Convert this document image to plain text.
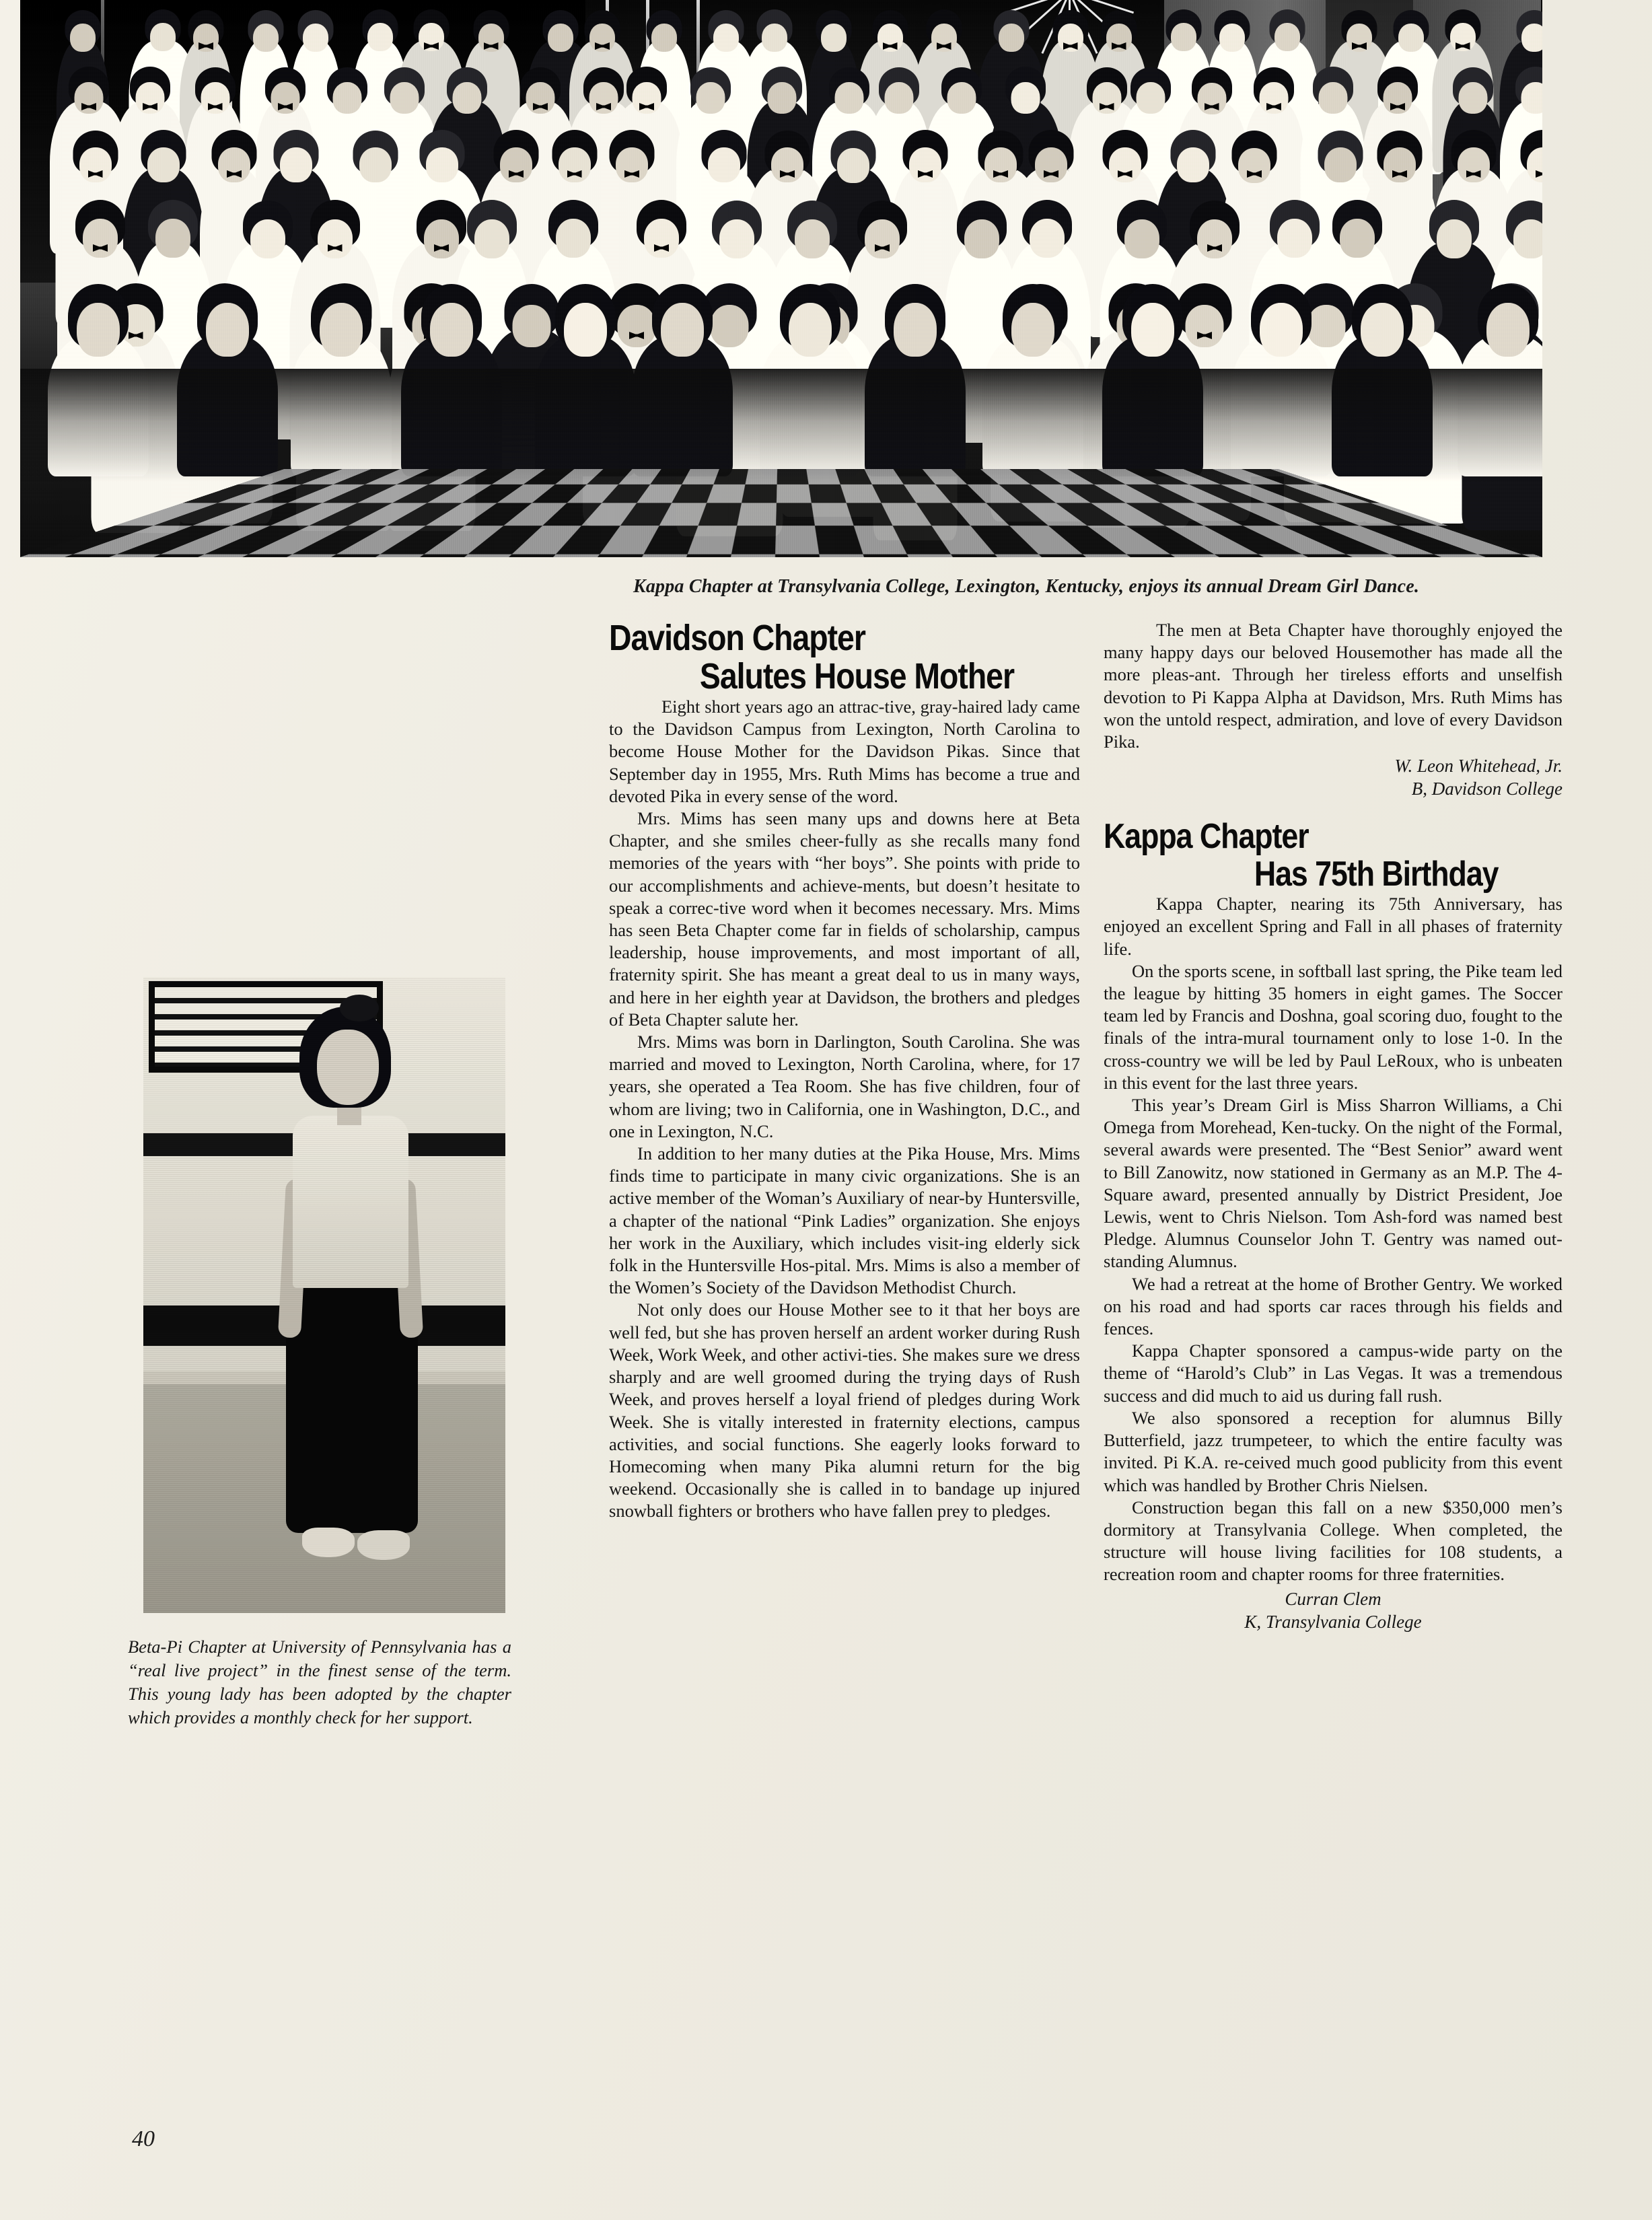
Kappa Chapter at Transylvania College, Lexington, Kentucky, enjoys its annual Dream Girl Dance.
Beta-Pi Chapter at University of Pennsylvania has a “real live project” in the finest sense of the term. This young lady has been adopted by the chapter which provides a monthly check for her support.
Davidson Chapter
Salutes House Mother

Eight short years ago an attrac-tive, gray-haired lady came to the Davidson Campus from Lexington, North Carolina to become House Mother for the Davidson Pikas. Since that September day in 1955, Mrs. Ruth Mims has become a true and devoted Pika in every sense of the word.

Mrs. Mims has seen many ups and downs here at Beta Chapter, and she smiles cheer-fully as she recalls many fond memories of the years with “her boys”. She points with pride to our accomplishments and achieve-ments, but doesn’t hesitate to speak a correc-tive word when it becomes necessary. Mrs. Mims has seen Beta Chapter come far in fields of scholarship, campus leadership, house improvements, and most important of all, fraternity spirit. She has meant a great deal to us in many ways, and here in her eighth year at Davidson, the brothers and pledges of Beta Chapter salute her.

Mrs. Mims was born in Darlington, South Carolina. She was married and moved to Lexington, North Carolina, where, for 17 years, she operated a Tea Room. She has five children, four of whom are living; two in California, one in Washington, D.C., and one in Lexington, N.C.

In addition to her many duties at the Pika House, Mrs. Mims finds time to participate in many civic organizations. She is an active member of the Woman’s Auxiliary of near-by Huntersville, a chapter of the national “Pink Ladies” organization. She enjoys her work in the Auxiliary, which includes visit-ing elderly sick folk in the Huntersville Hos-pital. Mrs. Mims is also a member of the Women’s Society of the Davidson Methodist Church.

Not only does our House Mother see to it that her boys are well fed, but she has proven herself an ardent worker during Rush Week, Work Week, and other activi-ties. She makes sure we dress sharply and are well groomed during the trying days of Rush Week, and proves herself a loyal friend of pledges during Work Week. She is vitally interested in fraternity elections, campus activities, and social functions. She eagerly looks forward to Homecoming when many Pika alumni return for the big weekend. Occasionally she is called in to bandage up injured snowball fighters or brothers who have fallen prey to pledges.

The men at Beta Chapter have thoroughly enjoyed the many happy days our beloved Housemother has made all the more pleas-ant. Through her tireless efforts and unselfish devotion to Pi Kappa Alpha at Davidson, Mrs. Ruth Mims has won the untold respect, admiration, and love of every Davidson Pika.

W. Leon Whitehead, Jr.
B, Davidson College
Kappa Chapter
Has 75th Birthday

Kappa Chapter, nearing its 75th Anniversary, has enjoyed an excellent Spring and Fall in all phases of fraternity life.

On the sports scene, in softball last spring, the Pike team led the league by hitting 35 homers in eight games. The Soccer team led by Francis and Doshna, goal scoring duo, fought to the finals of the intra-mural tournament only to lose 1-0. In the cross-country we will be led by Paul LeRoux, who is unbeaten in this event for the last three years.

This year’s Dream Girl is Miss Sharron Williams, a Chi Omega from Morehead, Ken-tucky. On the night of the Formal, several awards were presented. The “Best Senior” award went to Bill Zanowitz, now stationed in Germany as an M.P. The 4-Square award, presented annually by District President, Joe Lewis, went to Chris Nielson. Tom Ash-ford was named best Pledge. Alumnus Counselor John T. Gentry was named out-standing Alumnus.

We had a retreat at the home of Brother Gentry. We worked on his road and had sports car races through his fields and fences.

Kappa Chapter sponsored a campus-wide party on the theme of “Harold’s Club” in Las Vegas. It was a tremendous success and did much to aid us during fall rush.

We also sponsored a reception for alumnus Billy Butterfield, jazz trumpeteer, to which the entire faculty was invited. Pi K.A. re-ceived much good publicity from this event which was handled by Brother Chris Nielsen.

Construction began this fall on a new $350,000 men’s dormitory at Transylvania College. When completed, the structure will house living facilities for 108 students, a recreation room and chapter rooms for three fraternities.

Curran Clem
K, Transylvania College
40
